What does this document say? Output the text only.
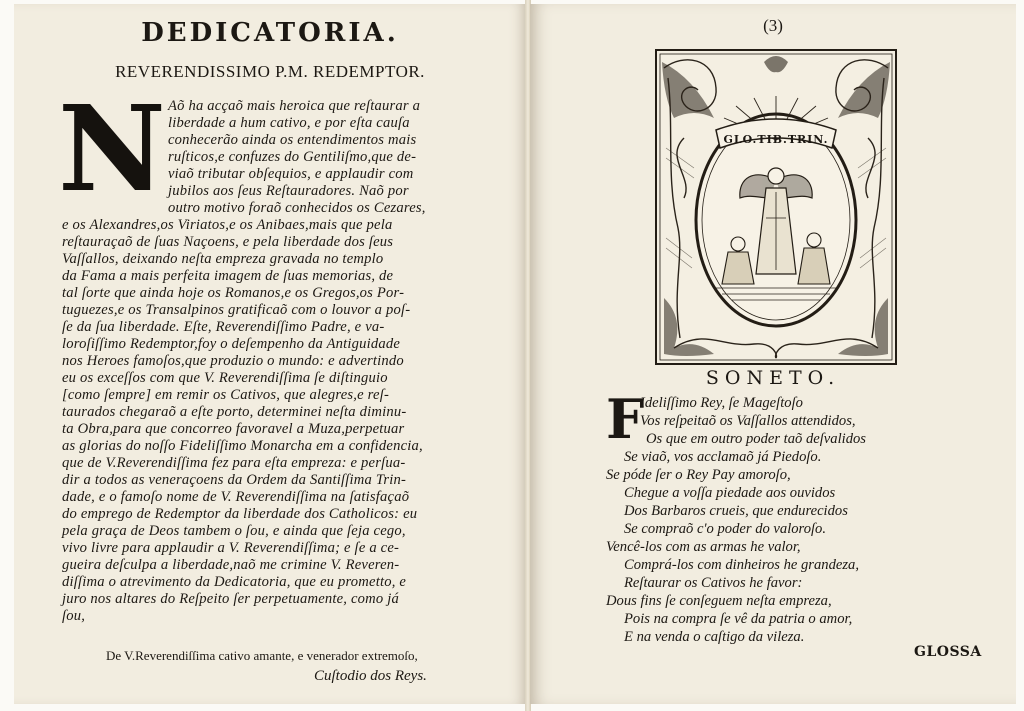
DEDICATORIA.
REVERENDISSIMO P.M. REDEMPTOR.
N Aõ ha acçaõ mais heroica que reſtaurar a
liberdade a hum cativo, e por eſta cauſa
conhecerão ainda os entendimentos mais
ruſticos,e confuzes do Gentiliſmo,que de-
viaõ tributar obſequios, e applaudir com
jubilos aos ſeus Reſtauradores. Naõ por
outro motivo foraõ conhecidos os Cezares,
e os Alexandres,os Viriatos,e os Anibaes,mais que pela
reſtauraçaõ de ſuas Naçoens, e pela liberdade dos ſeus
Vaſſallos, deixando neſta empreza gravada no templo
da Fama a mais perfeita imagem de ſuas memorias, de
tal ſorte que ainda hoje os Romanos,e os Gregos,os Por-
tuguezes,e os Transalpinos gratificaõ com o louvor a poſ-
ſe da ſua liberdade. Eſte, Reverendiſſimo Padre, e va-
loroſiſſimo Redemptor,foy o deſempenho da Antiguidade
nos Heroes famoſos,que produzio o mundo: e advertindo
eu os exceſſos com que V. Reverendiſſima ſe diſtinguio
[como ſempre] em remir os Cativos, que alegres,e reſ-
taurados chegaraõ a eſte porto, determinei neſta diminu-
ta Obra,para que concorreo favoravel a Muza,perpetuar
as glorias do noſſo Fideliſſimo Monarcha em a confidencia,
que de V.Reverendiſſima fez para eſta empreza: e perſua-
dir a todos as veneraçoens da Ordem da Santiſſima Trin-
dade, e o famoſo nome de V. Reverendiſſima na ſatisfaçaõ
do emprego de Redemptor da liberdade dos Catholicos: eu
pela graça de Deos tambem o ſou, e ainda que ſeja cego,
vivo livre para applaudir a V. Reverendiſſima; e ſe a ce-
gueira deſculpa a liberdade,naõ me crimine V. Reveren-
diſſima o atrevimento da Dedicatoria, que eu prometto, e
juro nos altares do Reſpeito ſer perpetuamente, como já
ſou,
De V.Reverendiſſima cativo amante, e venerador extremoſo,
Cuſtodio dos Reys.
(3)
GLO.TIB.TRIN.
SONETO.
F
Ideliſſimo Rey, ſe Mageſtoſo
Vos reſpeitaõ os Vaſſallos attendidos,
Os que em outro poder taõ deſvalidos
Se viaõ, vos acclamaõ já Piedoſo.
Se póde ſer o Rey Pay amoroſo,
Chegue a voſſa piedade aos ouvidos
Dos Barbaros crueis, que endurecidos
Se compraõ c'o poder do valoroſo.
Vencê-los com as armas he valor,
Comprá-los com dinheiros he grandeza,
Reſtaurar os Cativos he favor:
Dous fins ſe conſeguem neſta empreza,
Pois na compra ſe vê da patria o amor,
E na venda o caſtigo da vileza.
GLOSSA
